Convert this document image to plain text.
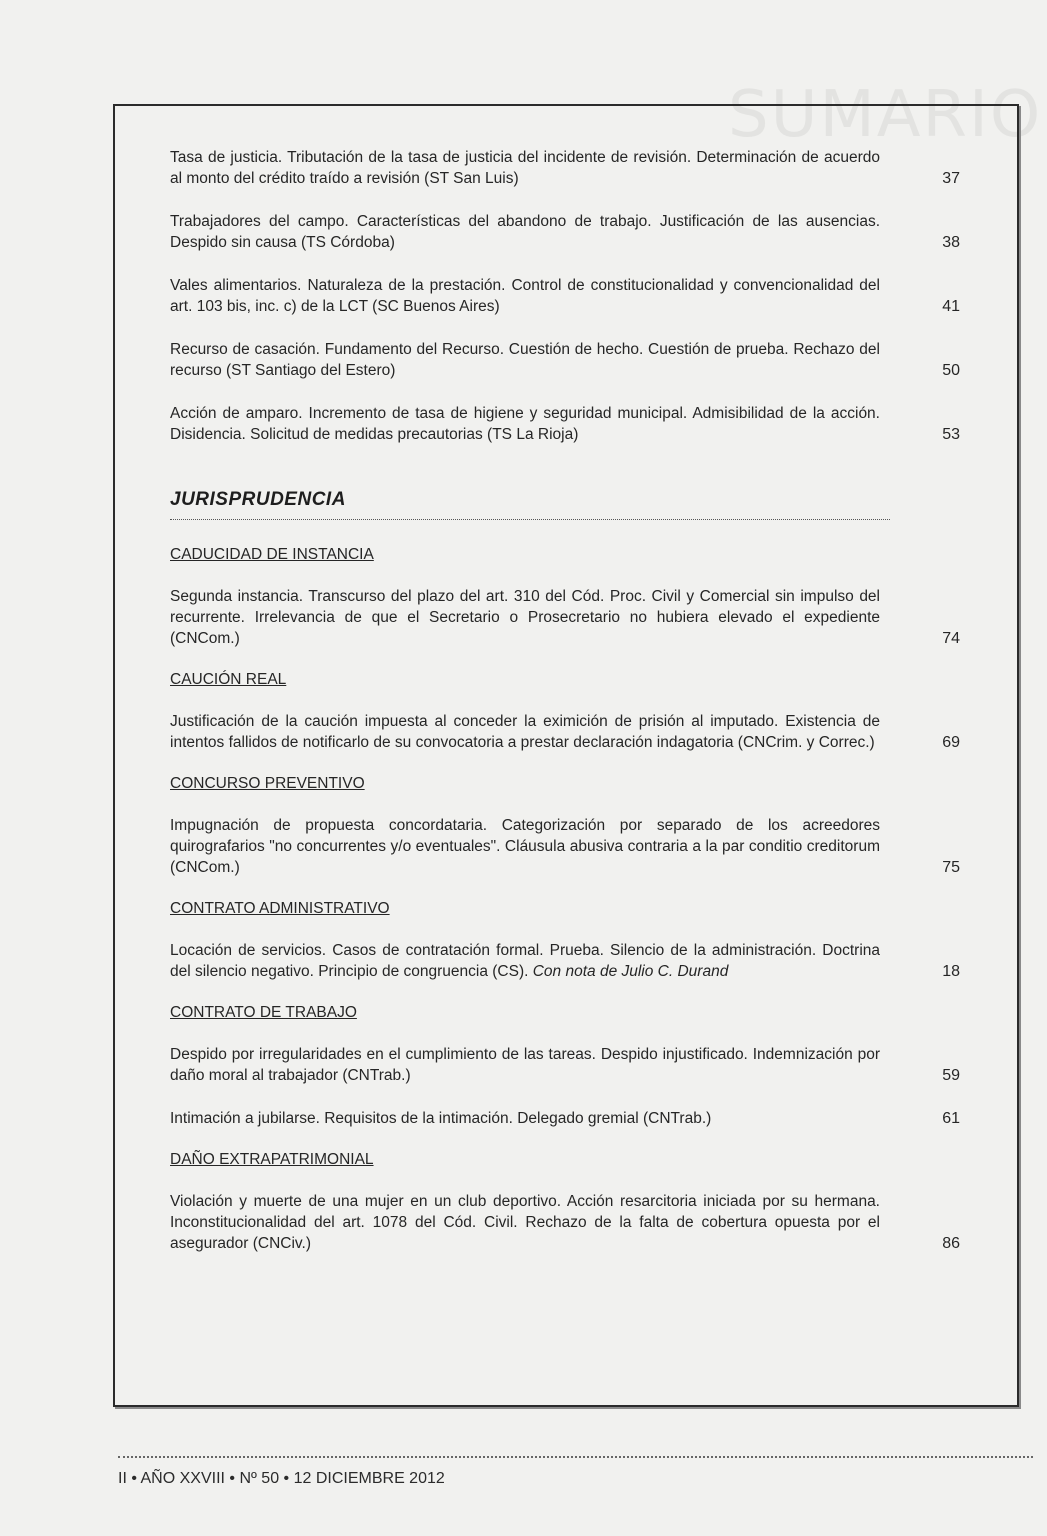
SUMARIO
Tasa de justicia. Tributación de la tasa de justicia del incidente de revisión. Determinación de acuerdo al monto del crédito traído a revisión (ST San Luis)	37
Trabajadores del campo. Características del abandono de trabajo. Justificación de las ausencias. Despido sin causa (TS Córdoba)	38
Vales alimentarios. Naturaleza de la prestación. Control de constitucionalidad y convencionalidad del art. 103 bis, inc. c) de la LCT (SC Buenos Aires)	41
Recurso de casación. Fundamento del Recurso. Cuestión de hecho. Cuestión de prueba. Rechazo del recurso (ST Santiago del Estero)	50
Acción de amparo. Incremento de tasa de higiene y seguridad municipal. Admisibilidad de la acción. Disidencia. Solicitud de medidas precautorias (TS La Rioja)	53
JURISPRUDENCIA
CADUCIDAD DE INSTANCIA
Segunda instancia. Transcurso del plazo del art. 310 del Cód. Proc. Civil y Comercial sin impulso del recurrente. Irrelevancia de que el Secretario o Prosecretario no hubiera elevado el expediente (CNCom.)	74
CAUCIÓN REAL
Justificación de la caución impuesta al conceder la eximición de prisión al imputado. Existencia de intentos fallidos de notificarlo de su convocatoria a prestar declaración indagatoria (CNCrim. y Correc.)	69
CONCURSO PREVENTIVO
Impugnación de propuesta concordataria. Categorización por separado de los acreedores quirografarios "no concurrentes y/o eventuales". Cláusula abusiva contraria a la par conditio creditorum (CNCom.)	75
CONTRATO ADMINISTRATIVO
Locación de servicios. Casos de contratación formal. Prueba. Silencio de la administración. Doctrina del silencio negativo. Principio de congruencia (CS). Con nota de Julio C. Durand	18
CONTRATO DE TRABAJO
Despido por irregularidades en el cumplimiento de las tareas. Despido injustificado. Indemnización por daño moral al trabajador (CNTrab.)	59
Intimación a jubilarse. Requisitos de la intimación. Delegado gremial (CNTrab.)	61
DAÑO EXTRAPATRIMONIAL
Violación y muerte de una mujer en un club deportivo. Acción resarcitoria iniciada por su hermana. Inconstitucionalidad del art. 1078 del Cód. Civil. Rechazo de la falta de cobertura opuesta por el asegurador (CNCiv.)	86
II • AÑO XXVIII • Nº 50 • 12 DICIEMBRE 2012
